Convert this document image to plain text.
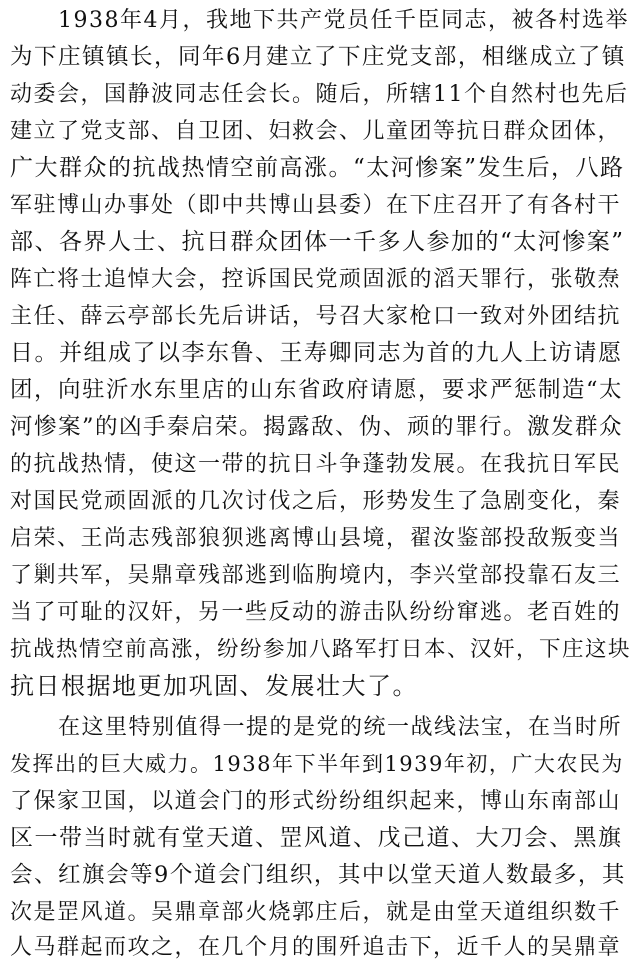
1938年4月，我地下共产党员任千臣同志，被各村选举
为下庄镇镇长，同年6月建立了下庄党支部，相继成立了镇
动委会，国静波同志任会长。随后，所辖11个自然村也先后
建立了党支部、自卫团、妇救会、儿童团等抗日群众团体，
广大群众的抗战热情空前高涨。“太河惨案”发生后，八路
军驻博山办事处（即中共博山县委）在下庄召开了有各村干
部、各界人士、抗日群众团体一千多人参加的“太河惨案”
阵亡将士追悼大会，控诉国民党顽固派的滔天罪行，张敬焘
主任、薛云亭部长先后讲话，号召大家枪口一致对外团结抗
日。并组成了以李东鲁、王寿卿同志为首的九人上访请愿
团，向驻沂水东里店的山东省政府请愿，要求严惩制造“太
河惨案”的凶手秦启荣。揭露敌、伪、顽的罪行。激发群众
的抗战热情，使这一带的抗日斗争蓬勃发展。在我抗日军民
对国民党顽固派的几次讨伐之后，形势发生了急剧变化，秦
启荣、王尚志残部狼狈逃离博山县境，翟汝鉴部投敌叛变当
了剿共军，吴鼎章残部逃到临朐境内，李兴堂部投靠石友三
当了可耻的汉奸，另一些反动的游击队纷纷窜逃。老百姓的
抗战热情空前高涨，纷纷参加八路军打日本、汉奸，下庄这块
抗日根据地更加巩固、发展壮大了。
在这里特别值得一提的是党的统一战线法宝，在当时所
发挥出的巨大威力。1938年下半年到1939年初，广大农民为
了保家卫国，以道会门的形式纷纷组织起来，博山东南部山
区一带当时就有堂天道、罡风道、戊己道、大刀会、黑旗
会、红旗会等9个道会门组织，其中以堂天道人数最多，其
次是罡风道。吴鼎章部火烧郭庄后，就是由堂天道组织数千
人马群起而攻之，在几个月的围歼追击下，近千人的吴鼎章
